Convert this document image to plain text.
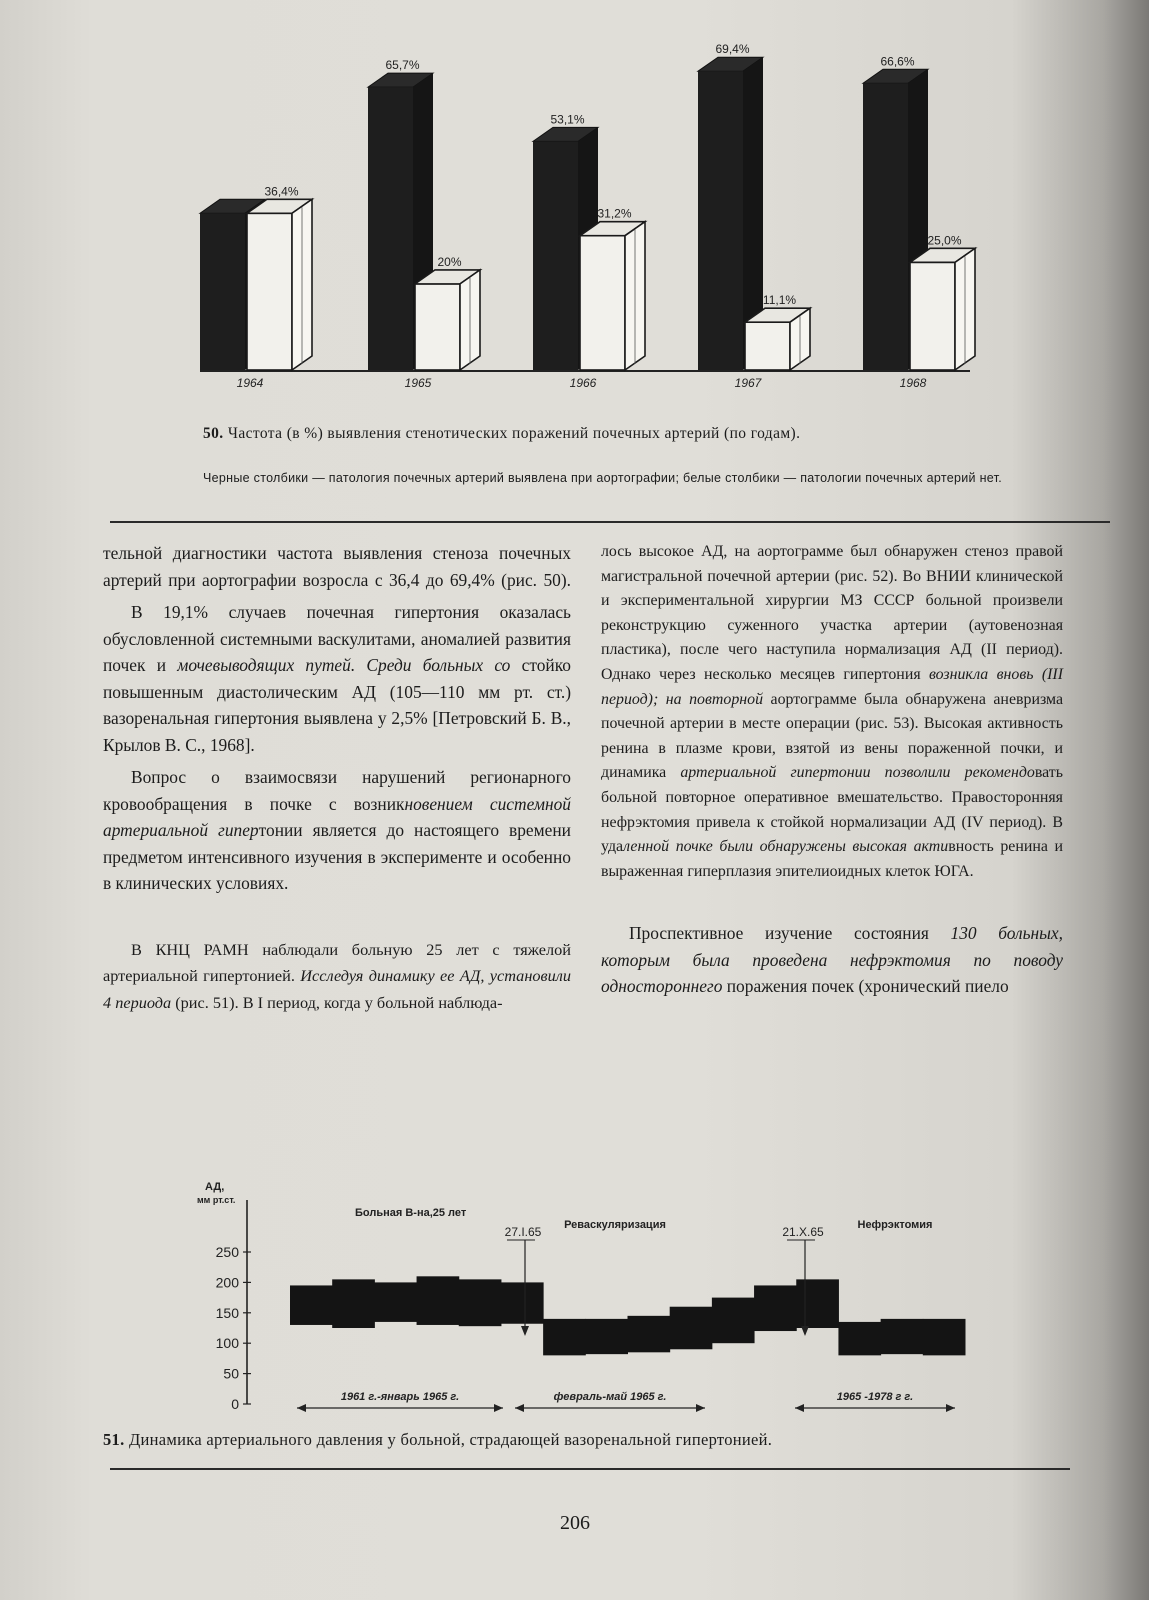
36,4%
1964
65,7%
20%
1965
53,1%
31,2%
1966
69,4%
11,1%
1967
66,6%
25,0%
1968
50. Частота (в %) выявления стенотических поражений почечных артерий (по годам).
Черные столбики — патология почечных артерий выявлена при аортографии; белые столбики — патологии почечных артерий нет.

тельной диагностики частота выявления стеноза почечных артерий при аортографии возросла с 36,4 до 69,4% (рис. 50).

В 19,1% случаев почечная гипертония оказалась обусловленной системными васкулитами, аномалией развития почек и мочевыводящих путей. Среди больных со стойко повышенным диастолическим АД (105—110 мм рт. ст.) вазоренальная гипертония выявлена у 2,5% [Петровский Б. В., Крылов В. С., 1968].

Вопрос о взаимосвязи нарушений регионарного кровообращения в почке с возникновением системной артериальной гипертонии является до настоящего времени предметом интенсивного изучения в эксперименте и особенно в клинических условиях.

В КНЦ РАМН наблюдали больную 25 лет с тяжелой артериальной гипертонией. Исследуя динамику ее АД, установили 4 периода (рис. 51). В I период, когда у больной наблюда-

лось высокое АД, на аортограмме был обнаружен стеноз правой магистральной почечной артерии (рис. 52). Во ВНИИ клинической и экспериментальной хирургии МЗ СССР больной произвели реконструкцию суженного участка артерии (аутовенозная пластика), после чего наступила нормализация АД (II период). Однако через несколько месяцев гипертония возникла вновь (III период); на повторной аортограмме была обнаружена аневризма почечной артерии в месте операции (рис. 53). Высокая активность ренина в плазме крови, взятой из вены пораженной почки, и динамика артериальной гипертонии позволили рекомендовать больной повторное оперативное вмешательство. Правосторонняя нефрэктомия привела к стойкой нормализации АД (IV период). В удаленной почке были обнаружены высокая активность ренина и выраженная гиперплазия эпителиоидных клеток ЮГА.

Проспективное изучение состояния 130 больных, которым была проведена нефрэктомия по поводу одностороннего поражения почек (хронический пиело

АД, мм рт.ст.
250
200
150
100
50
0
Больная В-на,25 лет
27.I.65 Реваскуляризация	21.X.65	Нефрэктомия
1961 г.-январь 1965 г.	февраль-май 1965 г.	1965 -1978 г г.
51. Динамика артериального давления у больной, страдающей вазоренальной гипертонией.
206
